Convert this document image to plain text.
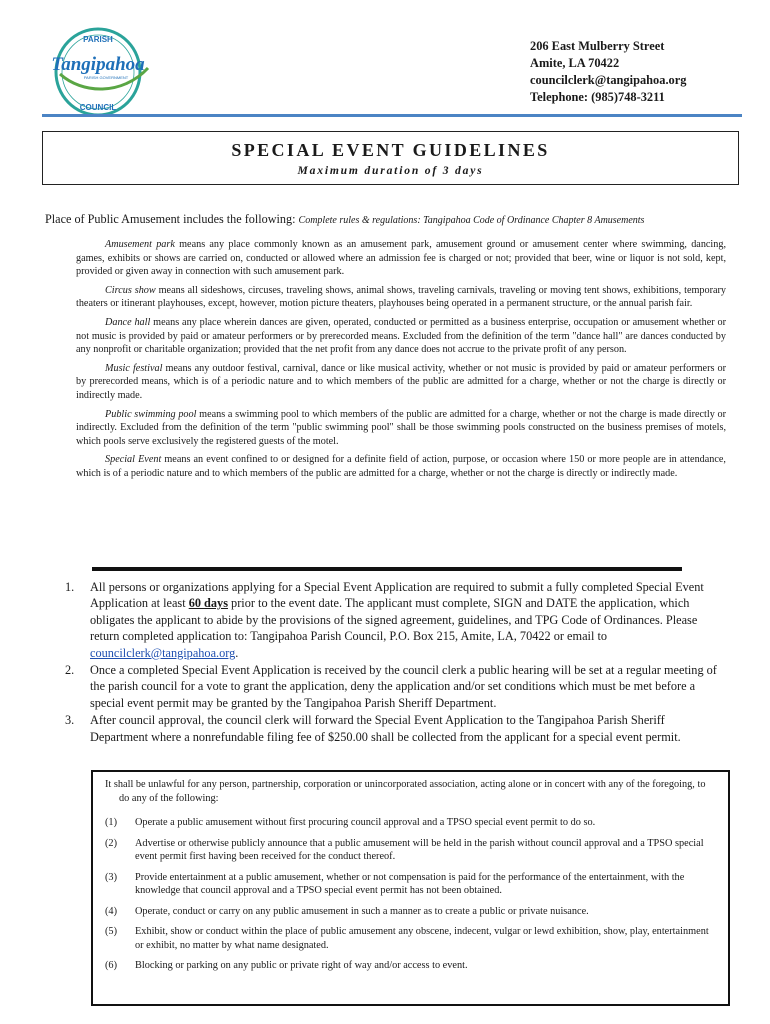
PARISH
Tangipahoa
PARISH GOVERNMENT
COUNCIL
206 East Mulberry Street
Amite, LA 70422
councilclerk@tangipahoa.org
Telephone: (985)748-3211
SPECIAL EVENT GUIDELINES
Maximum duration of 3 days
Place of Public Amusement includes the following: Complete rules & regulations: Tangipahoa Code of Ordinance Chapter 8 Amusements

Amusement park means any place commonly known as an amusement park, amusement ground or amusement center where swimming, dancing, games, exhibits or shows are carried on, conducted or allowed where an admission fee is charged or not; provided that beer, wine or liquor is not sold, kept, provided or given away in connection with such amusement park.

Circus show means all sideshows, circuses, traveling shows, animal shows, traveling carnivals, traveling or moving tent shows, exhibitions, temporary theaters or itinerant playhouses, except, however, motion picture theaters, playhouses being operated in a permanent structure, or the annual parish fair.

Dance hall means any place wherein dances are given, operated, conducted or permitted as a business enterprise, occupation or amusement whether or not music is provided by paid or amateur performers or by prerecorded means. Excluded from the definition of the term "dance hall" are dances conducted by any nonprofit or charitable organization; provided that the net profit from any dance does not accrue to the private profit of any person.

Music festival means any outdoor festival, carnival, dance or like musical activity, whether or not music is provided by paid or amateur performers or by prerecorded means, which is of a periodic nature and to which members of the public are admitted for a charge, whether or not the charge is directly or indirectly made.

Public swimming pool means a swimming pool to which members of the public are admitted for a charge, whether or not the charge is made directly or indirectly. Excluded from the definition of the term "public swimming pool" shall be those swimming pools constructed on the business premises of motels, which pools serve exclusively the registered guests of the motel.

Special Event means an event confined to or designed for a definite field of action, purpose, or occasion where 150 or more people are in attendance, which is of a periodic nature and to which members of the public are admitted for a charge, whether or not the charge is directly or indirectly made.

1.	All persons or organizations applying for a Special Event Application are required to submit a fully completed Special Event Application at least 60 days prior to the event date. The applicant must complete, SIGN and DATE the application, which obligates the applicant to abide by the provisions of the signed agreement, guidelines, and TPG Code of Ordinances. Please return completed application to: Tangipahoa Parish Council, P.O. Box 215, Amite, LA, 70422 or email to councilclerk@tangipahoa.org.
2.	Once a completed Special Event Application is received by the council clerk a public hearing will be set at a regular meeting of the parish council for a vote to grant the application, deny the application and/or set conditions which must be met before a special event permit may be granted by the Tangipahoa Parish Sheriff Department.
3.	After council approval, the council clerk will forward the Special Event Application to the Tangipahoa Parish Sheriff Department where a nonrefundable filing fee of $250.00 shall be collected from the applicant for a special event permit.
It shall be unlawful for any person, partnership, corporation or unincorporated association, acting alone or in concert with any of the foregoing, to do any of the following:
(1)	Operate a public amusement without first procuring council approval and a TPSO special event permit to do so.
(2)	Advertise or otherwise publicly announce that a public amusement will be held in the parish without council approval and a TPSO special event permit first having been received for the conduct thereof.
(3)	Provide entertainment at a public amusement, whether or not compensation is paid for the performance of the entertainment, with the knowledge that council approval and a TPSO special event permit has not been obtained.
(4)	Operate, conduct or carry on any public amusement in such a manner as to create a public or private nuisance.
(5)	Exhibit, show or conduct within the place of public amusement any obscene, indecent, vulgar or lewd exhibition, show, play, entertainment or exhibit, no matter by what name designated.
(6)	Blocking or parking on any public or private right of way and/or access to event.
